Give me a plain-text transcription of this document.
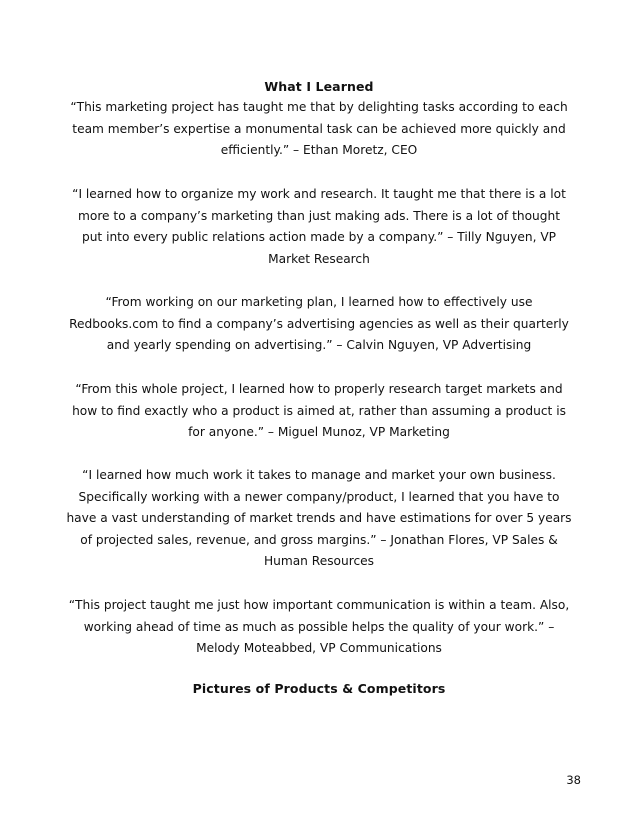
What I Learned
“This marketing project has taught me that by delighting tasks according to each team member’s expertise a monumental task can be achieved more quickly and efficiently.” – Ethan Moretz, CEO
“I learned how to organize my work and research. It taught me that there is a lot more to a company’s marketing than just making ads. There is a lot of thought put into every public relations action made by a company.” – Tilly Nguyen, VP Market Research
“From working on our marketing plan, I learned how to effectively use Redbooks.com to find a company’s advertising agencies as well as their quarterly and yearly spending on advertising.” – Calvin Nguyen, VP Advertising
“From this whole project, I learned how to properly research target markets and how to find exactly who a product is aimed at, rather than assuming a product is for anyone.” – Miguel Munoz, VP Marketing
“I learned how much work it takes to manage and market your own business. Specifically working with a newer company/product, I learned that you have to have a vast understanding of market trends and have estimations for over 5 years of projected sales, revenue, and gross margins.” – Jonathan Flores, VP Sales & Human Resources
“This project taught me just how important communication is within a team. Also, working ahead of time as much as possible helps the quality of your work.” – Melody Moteabbed, VP Communications
Pictures of Products & Competitors
38
